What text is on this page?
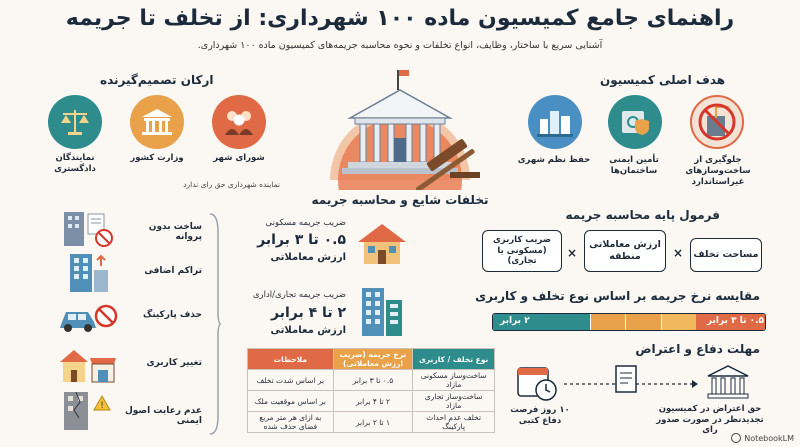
راهنمای جامع کمیسیون ماده ۱۰۰ شهرداری: از تخلف تا جریمه
آشنایی سریع با ساختار، وظایف، انواع تخلفات و نحوه محاسبه جریمه‌های کمیسیون ماده ۱۰۰ شهرداری.
ارکان تصمیم‌گیرنده
شورای شهر
وزارت کشور
نمایندگان دادگستری
نماینده شهرداری حق رای ندارد
هدف اصلی کمیسیون
جلوگیری از ساخت‌وسازهای غیراستاندارد
تأمین ایمنی ساختمان‌ها
حفظ نظم شهری
تخلفات شایع و محاسبه جریمه
ساخت بدون پروانه
تراکم اضافی
حذف پارکینگ
تغییر کاربری
!	عدم رعایت اصول ایمنی
ضریب جریمه مسکونی
۰.۵ تا ۳ برابر
ارزش معاملاتی
ضریب جریمه تجاری/اداری
۲ تا ۴ برابر
ارزش معاملاتی
نوع تخلف / کاربری	نرخ جریمه (ضریب ارزش معاملاتی)	ملاحظات
ساخت‌وساز مسکونی مازاد	۰.۵ تا ۳ برابر	بر اساس شدت تخلف
ساخت‌وساز تجاری مازاد	۲ تا ۴ برابر	بر اساس موقعیت ملک
تخلف عدم احداث پارکینگ	۱ تا ۲ برابر	به ازای هر متر مربع فضای حذف شده
فرمول پایه محاسبه جریمه
مساحت تخلف
×
ارزش معاملاتی منطقه
×
ضریب کاربری (مسکونی یا تجاری)
مقایسه نرخ جریمه بر اساس نوع تخلف و کاربری
۲ برابر	۰.۵ تا ۳ برابر
مهلت دفاع و اعتراض
۱۰ روز فرصت دفاع کتبی
حق اعتراض در کمیسیون تجدیدنظر در صورت صدور رای
NotebookLM
